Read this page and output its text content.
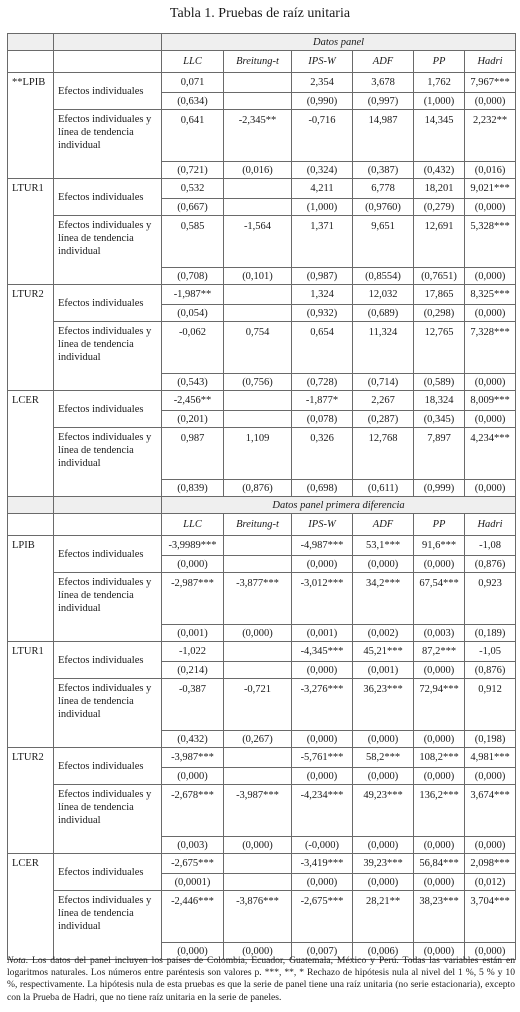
Tabla 1. Pruebas de raíz unitaria
		Datos panel					
		LLC	Breitung-t	IPS-W	ADF	PP	Hadri
**LPIB	Efectos individuales	0,071		2,354	3,678	1,762	7,967***
		(0,634)		(0,990)	(0,997)	(1,000)	(0,000)
	Efectos individuales y línea de tendencia individual	0,641	-2,345**	-0,716	14,987	14,345	2,232**
		(0,721)	(0,016)	(0,324)	(0,387)	(0,432)	(0,016)
LTUR1	Efectos individuales	0,532		4,211	6,778	18,201	9,021***
		(0,667)		(1,000)	(0,9760)	(0,279)	(0,000)
	Efectos individuales y línea de tendencia individual	0,585	-1,564	1,371	9,651	12,691	5,328***
		(0,708)	(0,101)	(0,987)	(0,8554)	(0,7651)	(0,000)
LTUR2	Efectos individuales	-1,987**		1,324	12,032	17,865	8,325***
		(0,054)		(0,932)	(0,689)	(0,298)	(0,000)
	Efectos individuales y línea de tendencia individual	-0,062	0,754	0,654	11,324	12,765	7,328***
		(0,543)	(0,756)	(0,728)	(0,714)	(0,589)	(0,000)
LCER	Efectos individuales	-2,456**		-1,877*	2,267	18,324	8,009***
		(0,201)		(0,078)	(0,287)	(0,345)	(0,000)
	Efectos individuales y línea de tendencia individual	0,987	1,109	0,326	12,768	7,897	4,234***
		(0,839)	(0,876)	(0,698)	(0,611)	(0,999)	(0,000)
		Datos panel primera diferencia					
		LLC	Breitung-t	IPS-W	ADF	PP	Hadri
LPIB	Efectos individuales	-3,9989***		-4,987***	53,1***	91,6***	-1,08
		(0,000)		(0,000)	(0,000)	(0,000)	(0,876)
	Efectos individuales y línea de tendencia individual	-2,987***	-3,877***	-3,012***	34,2***	67,54***	0,923
		(0,001)	(0,000)	(0,001)	(0,002)	(0,003)	(0,189)
LTUR1	Efectos individuales	-1,022		-4,345***	45,21***	87,2***	-1,05
		(0,214)		(0,000)	(0,001)	(0,000)	(0,876)
	Efectos individuales y línea de tendencia individual	-0,387	-0,721	-3,276***	36,23***	72,94***	0,912
		(0,432)	(0,267)	(0,000)	(0,000)	(0,000)	(0,198)
LTUR2	Efectos individuales	-3,987***		-5,761***	58,2***	108,2***	4,981***
		(0,000)		(0,000)	(0,000)	(0,000)	(0,000)
	Efectos individuales y línea de tendencia individual	-2,678***	-3,987***	-4,234***	49,23***	136,2***	3,674***
		(0,003)	(0,000)	(-0,000)	(0,000)	(0,000)	(0,000)
LCER	Efectos individuales	-2,675***		-3,419***	39,23***	56,84***	2,098***
		(0,0001)		(0,000)	(0,000)	(0,000)	(0,012)
	Efectos individuales y línea de tendencia individual	-2,446***	-3,876***	-2,675***	28,21**	38,23***	3,704***
		(0,000)	(0,000)	(0,007)	(0,006)	(0,000)	(0,000)
Nota. Los datos del panel incluyen los países de Colombia, Ecuador, Guatemala, México y Perú. Todas las variables están en logaritmos naturales. Los números entre paréntesis son valores p. ***, **, * Rechazo de hipótesis nula al nivel del 1 %, 5 % y 10 %, respectivamente. La hipótesis nula de esta pruebas es que la serie de panel tiene una raíz unitaria (no serie estacionaria), excepto con la Prueba de Hadri, que no tiene raíz unitaria en la serie de paneles.
